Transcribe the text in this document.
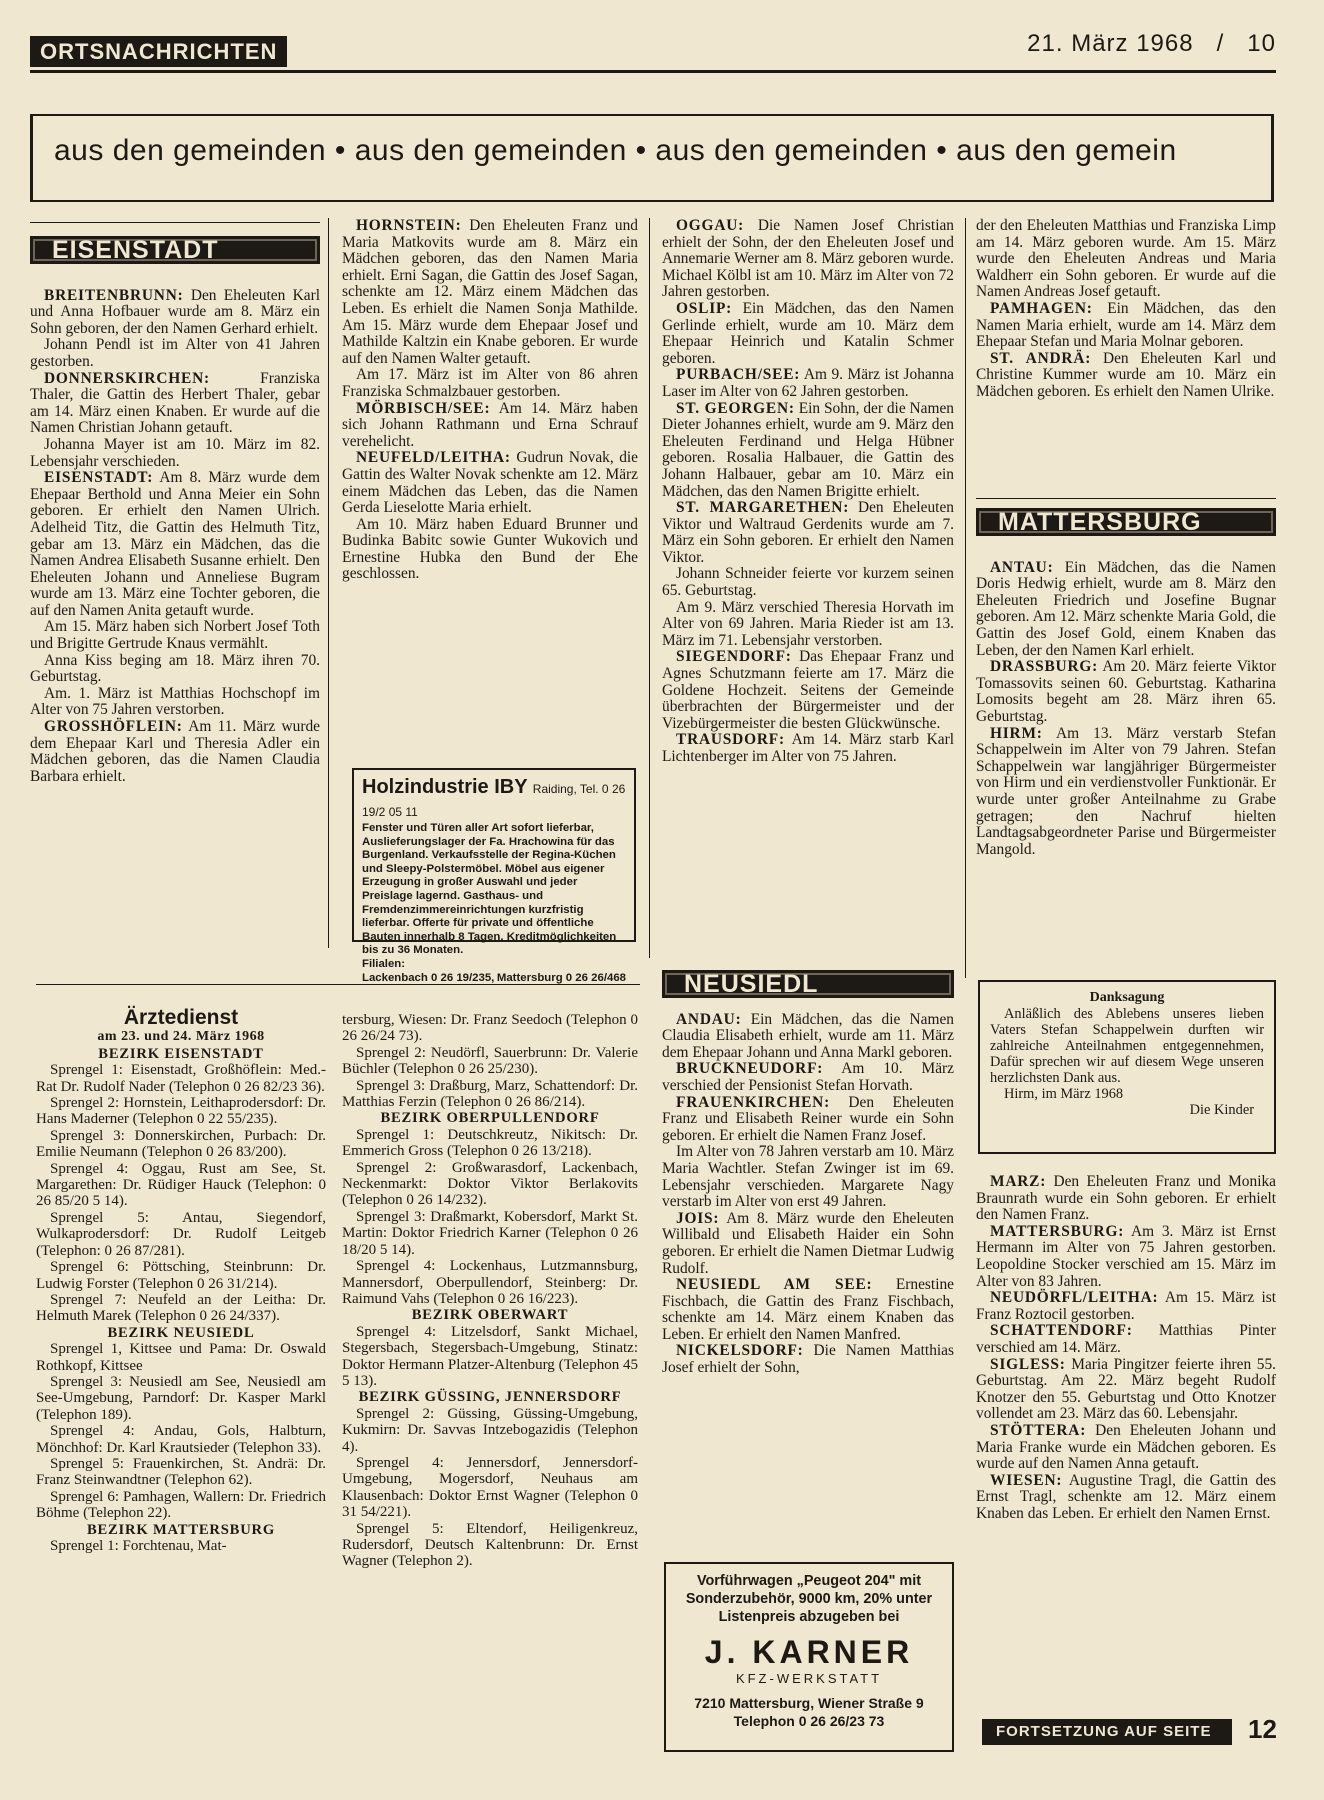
ORTSNACHRICHTEN	21. März 1968 / 10
aus den gemeinden • aus den gemeinden • aus den gemeinden • aus den gemein
EISENSTADT

BREITENBRUNN: Den Eheleuten Karl und Anna Hofbauer wurde am 8. März ein Sohn geboren, der den Namen Gerhard erhielt.

Johann Pendl ist im Alter von 41 Jahren gestorben.

DONNERSKIRCHEN: Franziska Thaler, die Gattin des Herbert Thaler, gebar am 14. März einen Knaben. Er wurde auf die Namen Christian Johann getauft.

Johanna Mayer ist am 10. März im 82. Lebensjahr verschieden.

EISENSTADT: Am 8. März wurde dem Ehepaar Berthold und Anna Meier ein Sohn geboren. Er erhielt den Namen Ulrich. Adelheid Titz, die Gattin des Helmuth Titz, gebar am 13. März ein Mädchen, das die Namen Andrea Elisabeth Susanne erhielt. Den Eheleuten Johann und Anneliese Bugram wurde am 13. März eine Tochter geboren, die auf den Namen Anita getauft wurde.

Am 15. März haben sich Norbert Josef Toth und Brigitte Gertrude Knaus vermählt.

Anna Kiss beging am 18. März ihren 70. Geburtstag.

Am. 1. März ist Matthias Hochschopf im Alter von 75 Jahren verstorben.

GROSSHÖFLEIN: Am 11. März wurde dem Ehepaar Karl und Theresia Adler ein Mädchen geboren, das die Namen Claudia Barbara erhielt.

HORNSTEIN: Den Eheleuten Franz und Maria Matkovits wurde am 8. März ein Mädchen geboren, das den Namen Maria erhielt. Erni Sagan, die Gattin des Josef Sagan, schenkte am 12. März einem Mädchen das Leben. Es erhielt die Namen Sonja Mathilde. Am 15. März wurde dem Ehepaar Josef und Mathilde Kaltzin ein Knabe geboren. Er wurde auf den Namen Walter getauft.

Am 17. März ist im Alter von 86 ahren Franziska Schmalzbauer gestorben.

MÖRBISCH/SEE: Am 14. März haben sich Johann Rathmann und Erna Schrauf verehelicht.

NEUFELD/LEITHA: Gudrun Novak, die Gattin des Walter Novak schenkte am 12. März einem Mädchen das Leben, das die Namen Gerda Lieselotte Maria erhielt.

Am 10. März haben Eduard Brunner und Budinka Babitc sowie Gunter Wukovich und Ernestine Hubka den Bund der Ehe geschlossen.

Holzindustrie IBY Raiding, Tel. 0 26 19/2 05 11
Fenster und Türen aller Art sofort lieferbar, Auslieferungslager der Fa. Hrachowina für das Burgenland. Verkaufsstelle der Regina-Küchen und Sleepy-Polstermöbel. Möbel aus eigener Erzeugung in großer Auswahl und jeder Preislage lagernd. Gasthaus- und Fremdenzimmereinrichtungen kurzfristig lieferbar. Offerte für private und öffentliche Bauten innerhalb 8 Tagen. Kreditmöglichkeiten bis zu 36 Monaten.
Filialen:
Lackenbach 0 26 19/235, Mattersburg 0 26 26/468

OGGAU: Die Namen Josef Christian erhielt der Sohn, der den Eheleuten Josef und Annemarie Werner am 8. März geboren wurde. Michael Kölbl ist am 10. März im Alter von 72 Jahren gestorben.

OSLIP: Ein Mädchen, das den Namen Gerlinde erhielt, wurde am 10. März dem Ehepaar Heinrich und Katalin Schmer geboren.

PURBACH/SEE: Am 9. März ist Johanna Laser im Alter von 62 Jahren gestorben.

ST. GEORGEN: Ein Sohn, der die Namen Dieter Johannes erhielt, wurde am 9. März den Eheleuten Ferdinand und Helga Hübner geboren. Rosalia Halbauer, die Gattin des Johann Halbauer, gebar am 10. März ein Mädchen, das den Namen Brigitte erhielt.

ST. MARGARETHEN: Den Eheleuten Viktor und Waltraud Gerdenits wurde am 7. März ein Sohn geboren. Er erhielt den Namen Viktor.

Johann Schneider feierte vor kurzem seinen 65. Geburtstag.

Am 9. März verschied Theresia Horvath im Alter von 69 Jahren. Maria Rieder ist am 13. März im 71. Lebensjahr verstorben.

SIEGENDORF: Das Ehepaar Franz und Agnes Schutzmann feierte am 17. März die Goldene Hochzeit. Seitens der Gemeinde überbrachten der Bürgermeister und der Vizebürgermeister die besten Glückwünsche.

TRAUSDORF: Am 14. März starb Karl Lichtenberger im Alter von 75 Jahren.

der den Eheleuten Matthias und Franziska Limp am 14. März geboren wurde. Am 15. März wurde den Eheleuten Andreas und Maria Waldherr ein Sohn geboren. Er wurde auf die Namen Andreas Josef getauft.

PAMHAGEN: Ein Mädchen, das den Namen Maria erhielt, wurde am 14. März dem Ehepaar Stefan und Maria Molnar geboren.

ST. ANDRÄ: Den Eheleuten Karl und Christine Kummer wurde am 10. März ein Mädchen geboren. Es erhielt den Namen Ulrike.

MATTERSBURG

ANTAU: Ein Mädchen, das die Namen Doris Hedwig erhielt, wurde am 8. März den Eheleuten Friedrich und Josefine Bugnar geboren. Am 12. März schenkte Maria Gold, die Gattin des Josef Gold, einem Knaben das Leben, der den Namen Karl erhielt.

DRASSBURG: Am 20. März feierte Viktor Tomassovits seinen 60. Geburtstag. Katharina Lomosits begeht am 28. März ihren 65. Geburtstag.

HIRM: Am 13. März verstarb Stefan Schappelwein im Alter von 79 Jahren. Stefan Schappelwein war langjähriger Bürgermeister von Hirm und ein verdienstvoller Funktionär. Er wurde unter großer Anteilnahme zu Grabe getragen; den Nachruf hielten Landtagsabgeordneter Parise und Bürgermeister Mangold.

Danksagung

Anläßlich des Ablebens unseres lieben Vaters Stefan Schappelwein durften wir zahlreiche Anteilnahmen entgegennehmen, Dafür sprechen wir auf diesem Wege unseren herzlichsten Dank aus.

Hirm, im März 1968

Die Kinder

MARZ: Den Eheleuten Franz und Monika Braunrath wurde ein Sohn geboren. Er erhielt den Namen Franz.

MATTERSBURG: Am 3. März ist Ernst Hermann im Alter von 75 Jahren gestorben. Leopoldine Stocker verschied am 15. März im Alter von 83 Jahren.

NEUDÖRFL/LEITHA: Am 15. März ist Franz Roztocil gestorben.

SCHATTENDORF: Matthias Pinter verschied am 14. März.

SIGLESS: Maria Pingitzer feierte ihren 55. Geburtstag. Am 22. März begeht Rudolf Knotzer den 55. Geburtstag und Otto Knotzer vollendet am 23. März das 60. Lebensjahr.

STÖTTERA: Den Eheleuten Johann und Maria Franke wurde ein Mädchen geboren. Es wurde auf den Namen Anna getauft.

WIESEN: Augustine Tragl, die Gattin des Ernst Tragl, schenkte am 12. März einem Knaben das Leben. Er erhielt den Namen Ernst.

Ärztedienst
am 23. und 24. März 1968
BEZIRK EISENSTADT

Sprengel 1: Eisenstadt, Großhöflein: Med.-Rat Dr. Rudolf Nader (Telephon 0 26 82/23 36).

Sprengel 2: Hornstein, Leithaprodersdorf: Dr. Hans Maderner (Telephon 0 22 55/235).

Sprengel 3: Donnerskirchen, Purbach: Dr. Emilie Neumann (Telephon 0 26 83/200).

Sprengel 4: Oggau, Rust am See, St. Margarethen: Dr. Rüdiger Hauck (Telephon: 0 26 85/20 5 14).

Sprengel 5: Antau, Siegendorf, Wulkaprodersdorf: Dr. Rudolf Leitgeb (Telephon: 0 26 87/281).

Sprengel 6: Pöttsching, Steinbrunn: Dr. Ludwig Forster (Telephon 0 26 31/214).

Sprengel 7: Neufeld an der Leitha: Dr. Helmuth Marek (Telephon 0 26 24/337).

BEZIRK NEUSIEDL

Sprengel 1, Kittsee und Pama: Dr. Oswald Rothkopf, Kittsee

Sprengel 3: Neusiedl am See, Neusiedl am See-Umgebung, Parndorf: Dr. Kasper Markl (Telephon 189).

Sprengel 4: Andau, Gols, Halbturn, Mönchhof: Dr. Karl Krautsieder (Telephon 33).

Sprengel 5: Frauenkirchen, St. Andrä: Dr. Franz Steinwandtner (Telephon 62).

Sprengel 6: Pamhagen, Wallern: Dr. Friedrich Böhme (Telephon 22).

BEZIRK MATTERSBURG

Sprengel 1: Forchtenau, Mat-

tersburg, Wiesen: Dr. Franz Seedoch (Telephon 0 26 26/24 73).

Sprengel 2: Neudörfl, Sauerbrunn: Dr. Valerie Büchler (Telephon 0 26 25/230).

Sprengel 3: Draßburg, Marz, Schattendorf: Dr. Matthias Ferzin (Telephon 0 26 86/214).

BEZIRK OBERPULLENDORF

Sprengel 1: Deutschkreutz, Nikitsch: Dr. Emmerich Gross (Telephon 0 26 13/218).

Sprengel 2: Großwarasdorf, Lackenbach, Neckenmarkt: Doktor Viktor Berlakovits (Telephon 0 26 14/232).

Sprengel 3: Draßmarkt, Kobersdorf, Markt St. Martin: Doktor Friedrich Karner (Telephon 0 26 18/20 5 14).

Sprengel 4: Lockenhaus, Lutzmannsburg, Mannersdorf, Oberpullendorf, Steinberg: Dr. Raimund Vahs (Telephon 0 26 16/223).

BEZIRK OBERWART

Sprengel 4: Litzelsdorf, Sankt Michael, Stegersbach, Stegersbach-Umgebung, Stinatz: Doktor Hermann Platzer-Altenburg (Telephon 45 5 13).

BEZIRK GÜSSING, JENNERSDORF

Sprengel 2: Güssing, Güssing-Umgebung, Kukmirn: Dr. Savvas Intzebogazidis (Telephon 4).

Sprengel 4: Jennersdorf, Jennersdorf-Umgebung, Mogersdorf, Neuhaus am Klausenbach: Doktor Ernst Wagner (Telephon 0 31 54/221).

Sprengel 5: Eltendorf, Heiligenkreuz, Rudersdorf, Deutsch Kaltenbrunn: Dr. Ernst Wagner (Telephon 2).

NEUSIEDL

ANDAU: Ein Mädchen, das die Namen Claudia Elisabeth erhielt, wurde am 11. März dem Ehepaar Johann und Anna Markl geboren.

BRUCKNEUDORF: Am 10. März verschied der Pensionist Stefan Horvath.

FRAUENKIRCHEN: Den Eheleuten Franz und Elisabeth Reiner wurde ein Sohn geboren. Er erhielt die Namen Franz Josef.

Im Alter von 78 Jahren verstarb am 10. März Maria Wachtler. Stefan Zwinger ist im 69. Lebensjahr verschieden. Margarete Nagy verstarb im Alter von erst 49 Jahren.

JOIS: Am 8. März wurde den Eheleuten Willibald und Elisabeth Haider ein Sohn geboren. Er erhielt die Namen Dietmar Ludwig Rudolf.

NEUSIEDL AM SEE: Ernestine Fischbach, die Gattin des Franz Fischbach, schenkte am 14. März einem Knaben das Leben. Er erhielt den Namen Manfred.

NICKELSDORF: Die Namen Matthias Josef erhielt der Sohn,

Vorführwagen „Peugeot 204" mit
Sonderzubehör, 9000 km, 20% unter
Listenpreis abzugeben bei
J. KARNER
KFZ-WERKSTATT
7210 Mattersburg, Wiener Straße 9
Telephon 0 26 26/23 73
FORTSETZUNG AUF SEITE	12
